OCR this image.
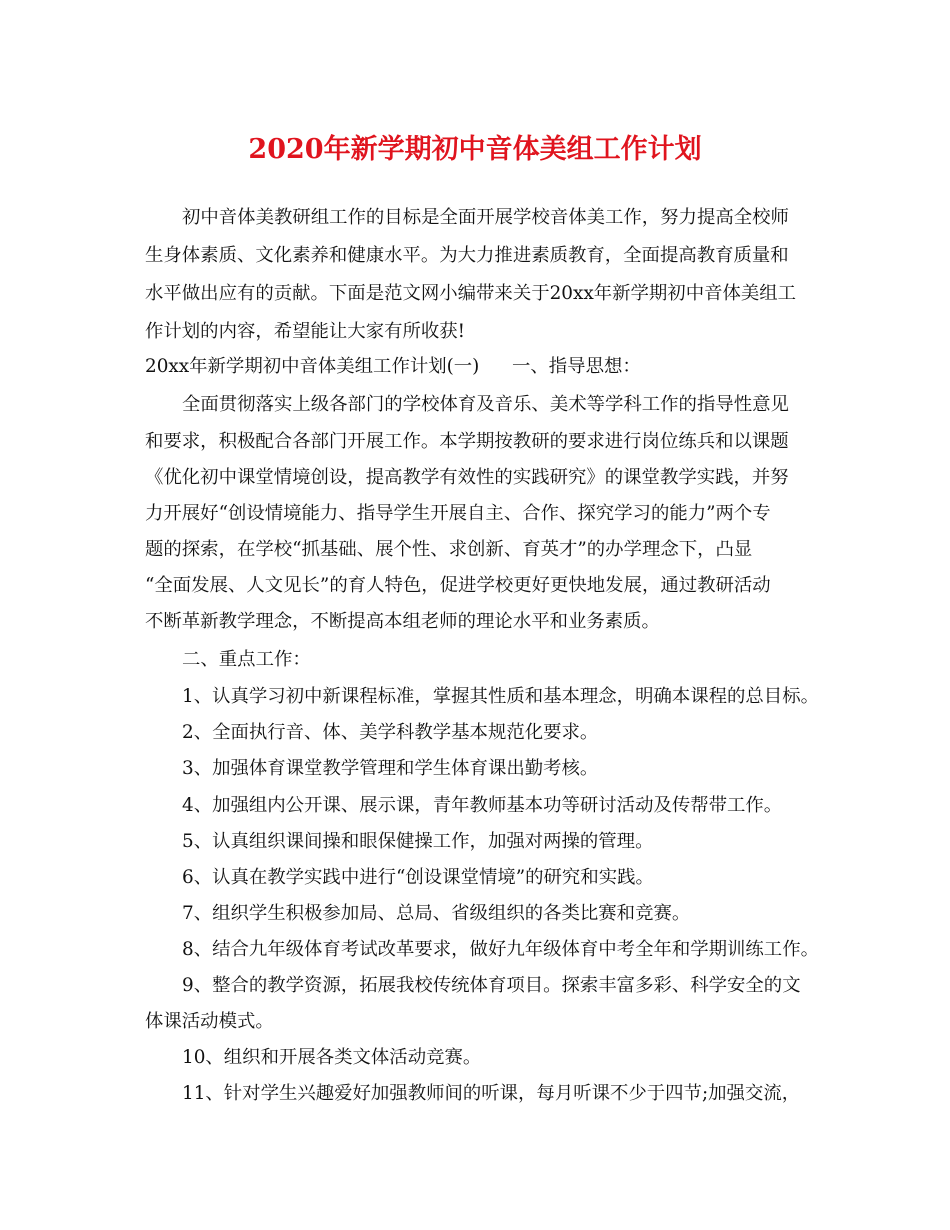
2020年新学期初中音体美组工作计划
初中音体美教研组工作的目标是全面开展学校音体美工作，努力提高全校师
生身体素质、文化素养和健康水平。为大力推进素质教育，全面提高教育质量和
水平做出应有的贡献。下面是范文网小编带来关于20xx年新学期初中音体美组工
作计划的内容，希望能让大家有所收获!
20xx年新学期初中音体美组工作计划(一) 一、指导思想：
全面贯彻落实上级各部门的学校体育及音乐、美术等学科工作的指导性意见
和要求，积极配合各部门开展工作。本学期按教研的要求进行岗位练兵和以课题
《优化初中课堂情境创设，提高教学有效性的实践研究》的课堂教学实践，并努
力开展好“创设情境能力、指导学生开展自主、合作、探究学习的能力”两个专
题的探索，在学校“抓基础、展个性、求创新、育英才”的办学理念下，凸显
“全面发展、人文见长”的育人特色，促进学校更好更快地发展，通过教研活动
不断革新教学理念，不断提高本组老师的理论水平和业务素质。
二、重点工作：
1、认真学习初中新课程标准，掌握其性质和基本理念，明确本课程的总目标。
2、全面执行音、体、美学科教学基本规范化要求。
3、加强体育课堂教学管理和学生体育课出勤考核。
4、加强组内公开课、展示课，青年教师基本功等研讨活动及传帮带工作。
5、认真组织课间操和眼保健操工作，加强对两操的管理。
6、认真在教学实践中进行“创设课堂情境”的研究和实践。
7、组织学生积极参加局、总局、省级组织的各类比赛和竞赛。
8、结合九年级体育考试改革要求，做好九年级体育中考全年和学期训练工作。
9、整合的教学资源，拓展我校传统体育项目。探索丰富多彩、科学安全的文
体课活动模式。
10、组织和开展各类文体活动竞赛。
11、针对学生兴趣爱好加强教师间的听课，每月听课不少于四节;加强交流，
